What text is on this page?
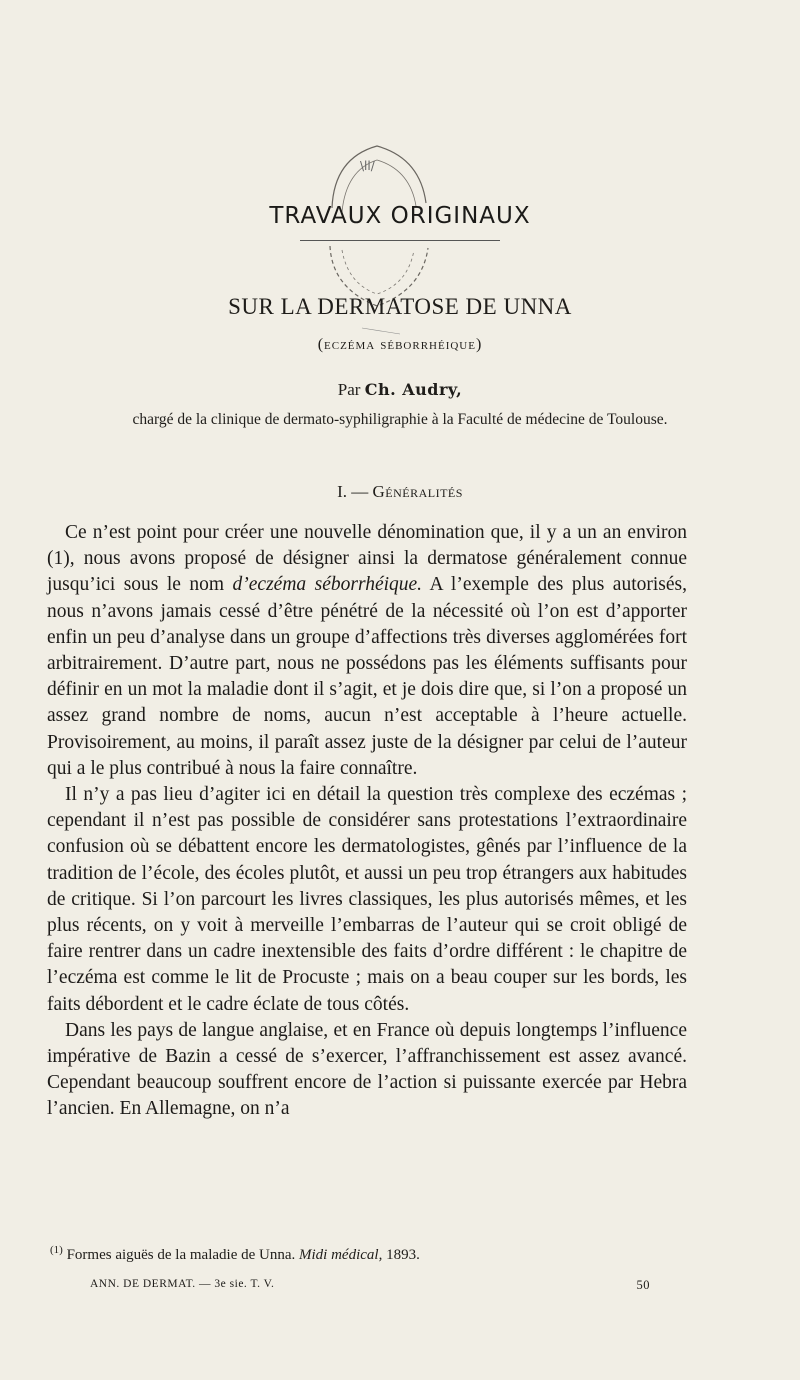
\ll/
TRAVAUX ORIGINAUX
SUR LA DERMATOSE DE UNNA
(eczéma séborrhéique)
Par Ch. Audry,
chargé de la clinique de dermato-syphiligraphie à la Faculté de médecine de Toulouse.
I. — Généralités

Ce n’est point pour créer une nouvelle dénomination que, il y a un an environ (1), nous avons proposé de désigner ainsi la dermatose généralement connue jusqu’ici sous le nom d’eczéma séborrhéique. A l’exemple des plus autorisés, nous n’avons jamais cessé d’être pénétré de la nécessité où l’on est d’apporter enfin un peu d’analyse dans un groupe d’affections très diverses agglomérées fort arbitrairement. D’autre part, nous ne possédons pas les éléments suffisants pour définir en un mot la maladie dont il s’agit, et je dois dire que, si l’on a proposé un assez grand nombre de noms, aucun n’est acceptable à l’heure actuelle. Provisoirement, au moins, il paraît assez juste de la désigner par celui de l’auteur qui a le plus contribué à nous la faire connaître.

Il n’y a pas lieu d’agiter ici en détail la question très complexe des eczémas ; cependant il n’est pas possible de considérer sans protestations l’extraordinaire confusion où se débattent encore les dermatologistes, gênés par l’influence de la tradition de l’école, des écoles plutôt, et aussi un peu trop étrangers aux habitudes de critique. Si l’on parcourt les livres classiques, les plus autorisés mêmes, et les plus récents, on y voit à merveille l’embarras de l’auteur qui se croit obligé de faire rentrer dans un cadre inextensible des faits d’ordre différent : le chapitre de l’eczéma est comme le lit de Procuste ; mais on a beau couper sur les bords, les faits débordent et le cadre éclate de tous côtés.

Dans les pays de langue anglaise, et en France où depuis longtemps l’influence impérative de Bazin a cessé de s’exercer, l’affranchissement est assez avancé. Cependant beaucoup souffrent encore de l’action si puissante exercée par Hebra l’ancien. En Allemagne, on n’a

$^{(1)}$ Formes aiguës de la maladie de Unna. Midi médical, 1893.
ANN. DE DERMAT. — 3e sie. T. V.	50
